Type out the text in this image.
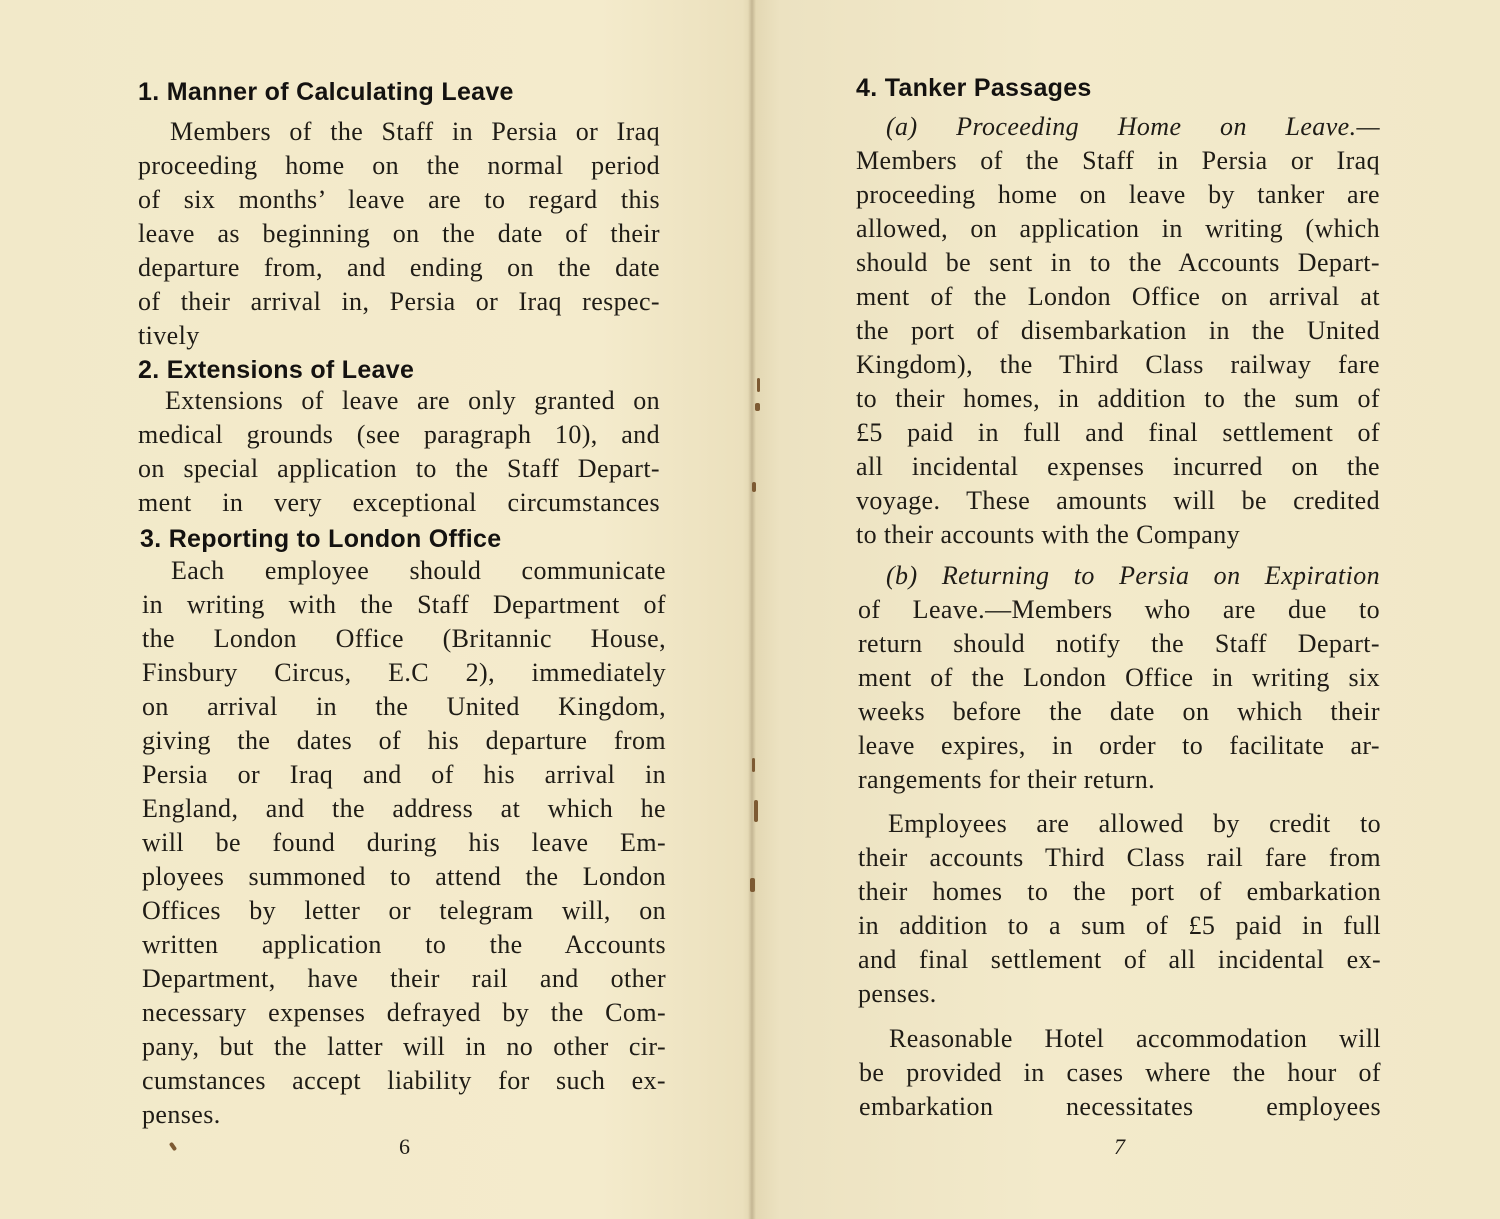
1. Manner of Calculating Leave
Members of the Staff in Persia or Iraq
proceeding home on the normal period
of six months’ leave are to regard this
leave as beginning on the date of their
departure from, and ending on the date
of their arrival in, Persia or Iraq respec-
tively
2. Extensions of Leave
Extensions of leave are only granted on
medical grounds (see paragraph 10), and
on special application to the Staff Depart-
ment in very exceptional circumstances
3. Reporting to London Office
Each employee should communicate
in writing with the Staff Department of
the London Office (Britannic House,
Finsbury Circus, E.C 2), immediately
on arrival in the United Kingdom,
giving the dates of his departure from
Persia or Iraq and of his arrival in
England, and the address at which he
will be found during his leave Em-
ployees summoned to attend the London
Offices by letter or telegram will, on
written application to the Accounts
Department, have their rail and other
necessary expenses defrayed by the Com-
pany, but the latter will in no other cir-
cumstances accept liability for such ex-
penses.
6
4. Tanker Passages
(a) Proceeding Home on Leave.—
Members of the Staff in Persia or Iraq
proceeding home on leave by tanker are
allowed, on application in writing (which
should be sent in to the Accounts Depart-
ment of the London Office on arrival at
the port of disembarkation in the United
Kingdom), the Third Class railway fare
to their homes, in addition to the sum of
£5 paid in full and final settlement of
all incidental expenses incurred on the
voyage. These amounts will be credited
to their accounts with the Company
(b) Returning to Persia on Expiration
of Leave.—Members who are due to
return should notify the Staff Depart-
ment of the London Office in writing six
weeks before the date on which their
leave expires, in order to facilitate ar-
rangements for their return.
Employees are allowed by credit to
their accounts Third Class rail fare from
their homes to the port of embarkation
in addition to a sum of £5 paid in full
and final settlement of all incidental ex-
penses.
Reasonable Hotel accommodation will
be provided in cases where the hour of
embarkation necessitates employees
7
